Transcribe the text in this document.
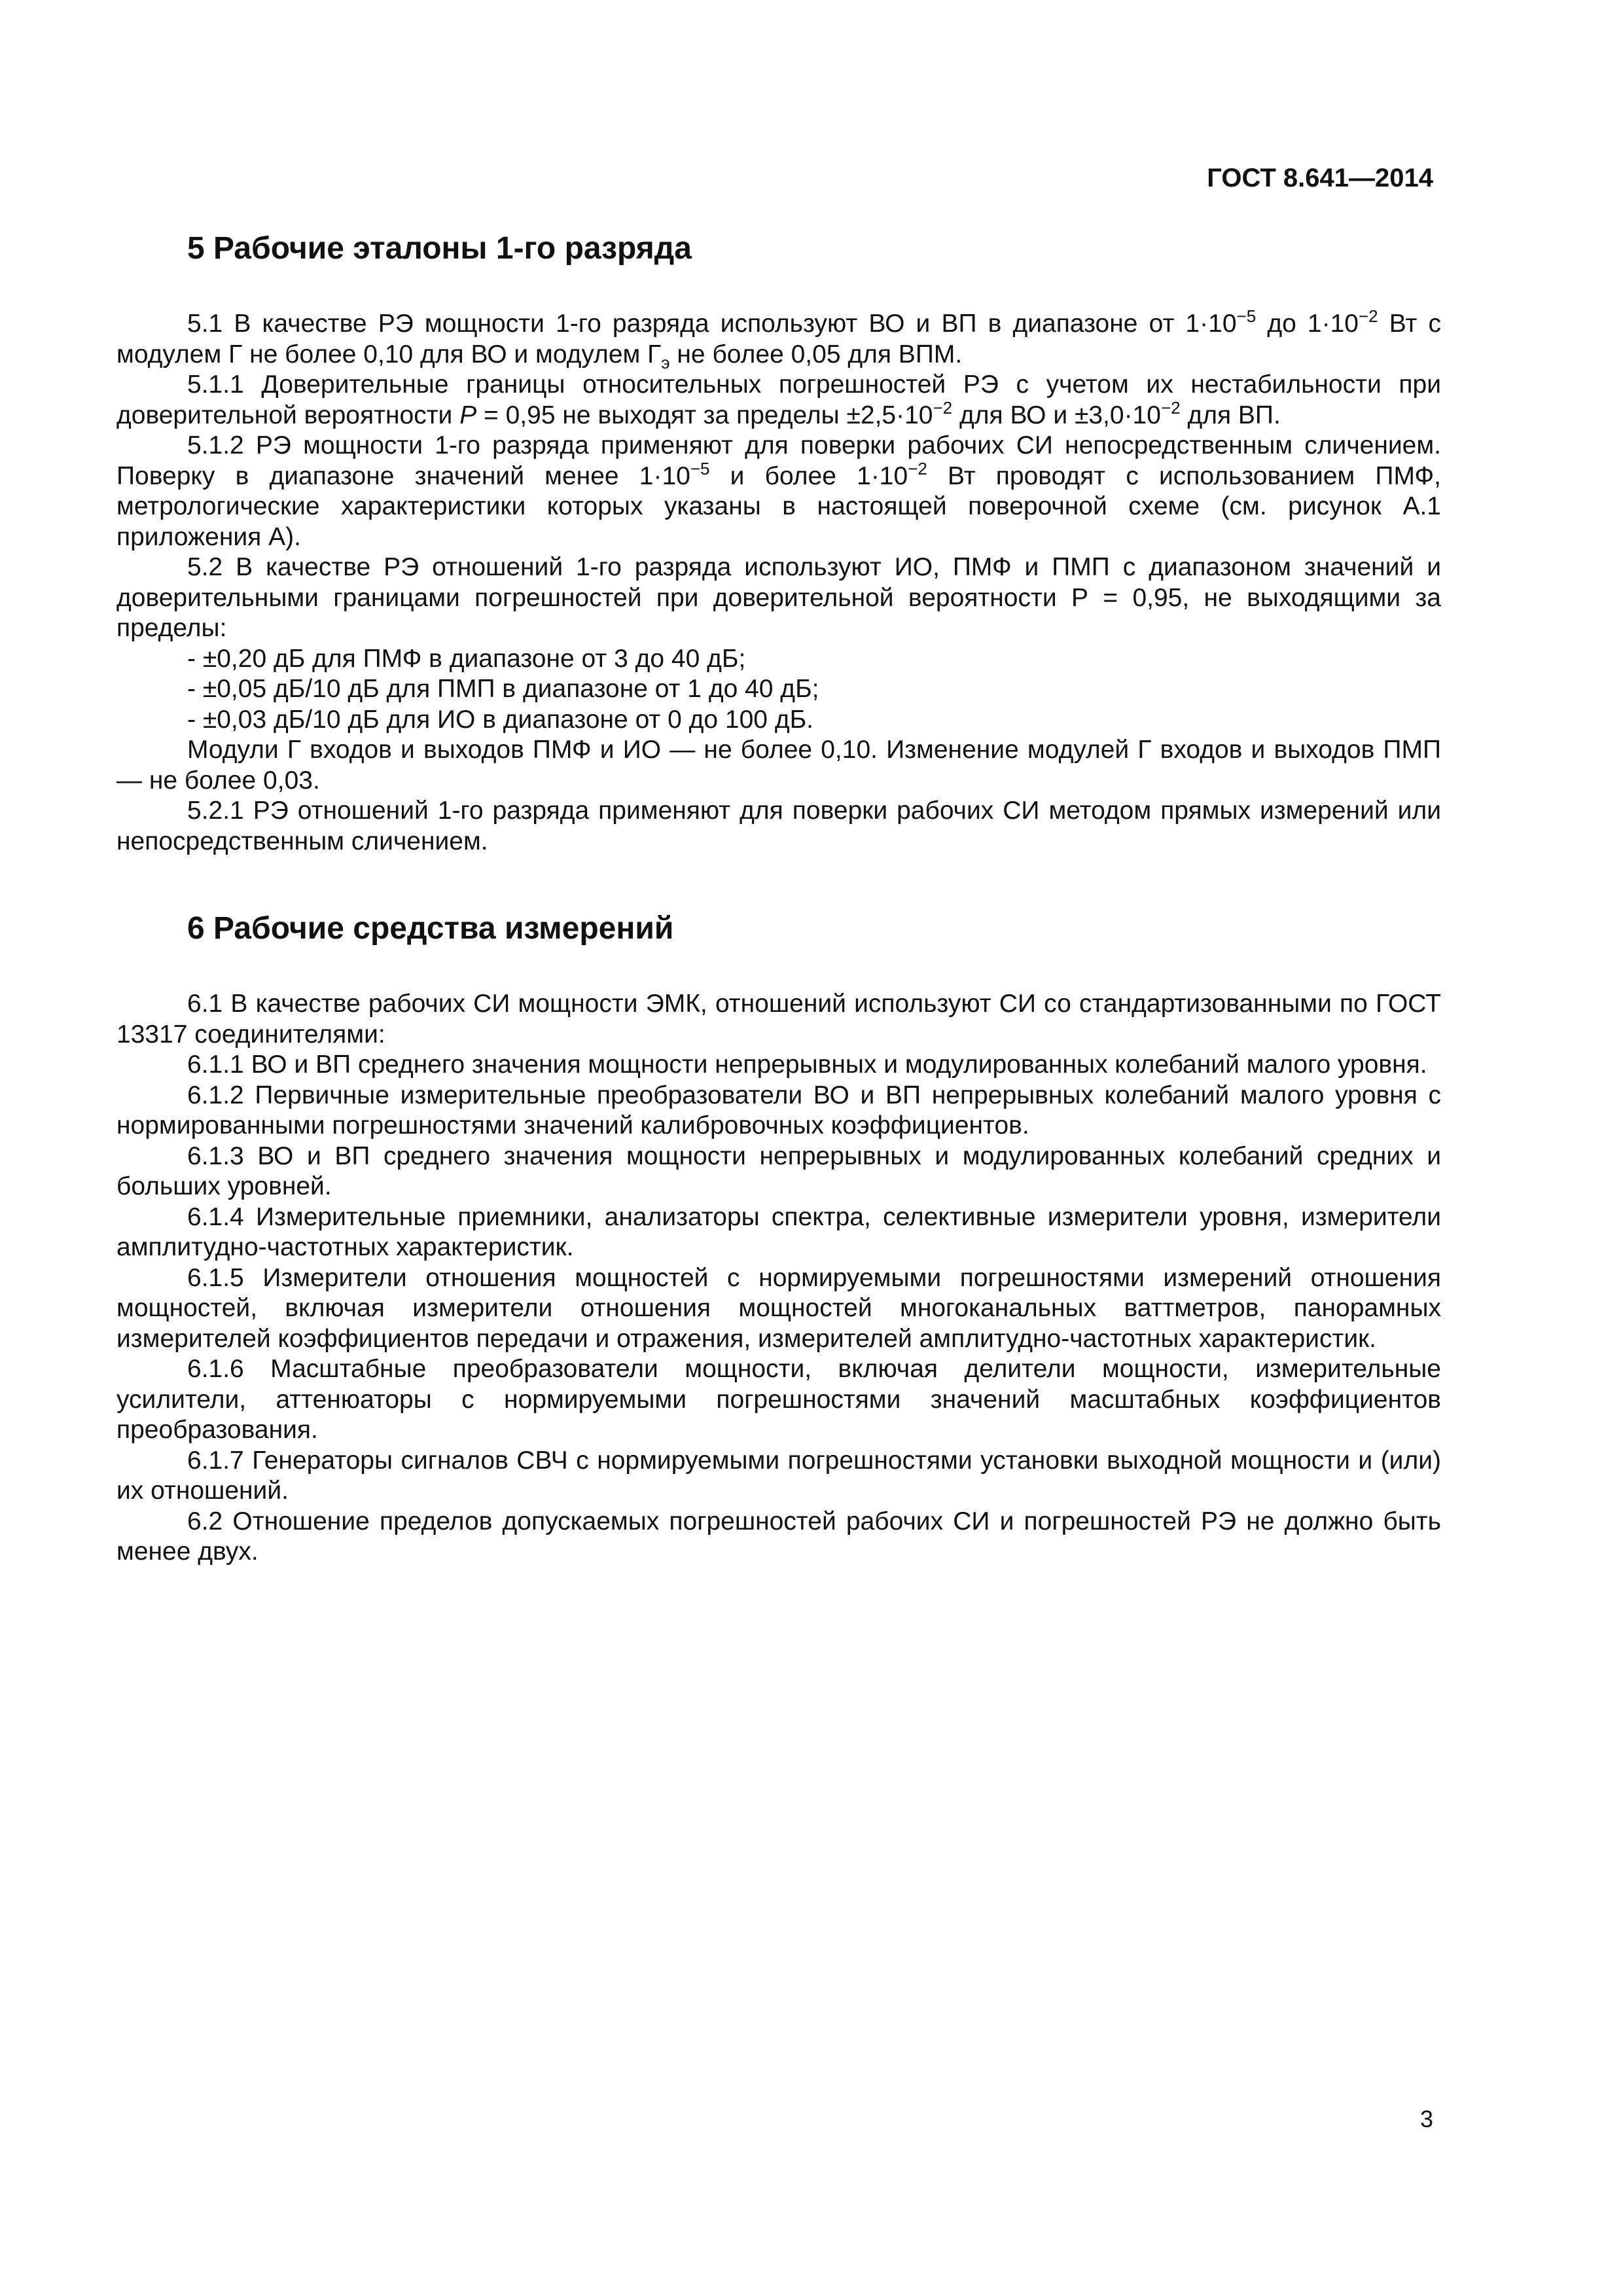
ГОСТ 8.641—2014
5 Рабочие эталоны 1-го разряда

5.1 В качестве РЭ мощности 1-го разряда используют ВО и ВП в диапазоне от $1\cdot 10^{-5}$ до $1\cdot 10^{-2}$ Вт с модулем Г не более 0,10 для ВО и модулем $Г_э$ не более 0,05 для ВПМ.

5.1.1 Доверительные границы относительных погрешностей РЭ с учетом их нестабильности при доверительной вероятности P = 0,95 не выходят за пределы $\pm 2,5\cdot 10^{-2}$ для ВО $и \pm 3,0\cdot 10^{-2}$ для ВП.

5.1.2 РЭ мощности 1-го разряда применяют для поверки рабочих СИ непосредственным сличением. Поверку в диапазоне значений менее $1\cdot 10^{-5}$ и более $1\cdot 10^{-2}$ Вт проводят с использованием ПМФ, метрологические характеристики которых указаны в настоящей поверочной схеме (см. рисунок А.1 приложения А).

5.2 В качестве РЭ отношений 1-го разряда используют ИО, ПМФ и ПМП с диапазоном значений и доверительными границами погрешностей при доверительной вероятности Р = 0,95, не выходящими за пределы:

- ±0,20 дБ для ПМФ в диапазоне от 3 до 40 дБ;

- ±0,05 дБ/10 дБ для ПМП в диапазоне от 1 до 40 дБ;

- ±0,03 дБ/10 дБ для ИО в диапазоне от 0 до 100 дБ.

Модули Г входов и выходов ПМФ и ИО — не более 0,10. Изменение модулей Г входов и выходов ПМП — не более 0,03.

5.2.1 РЭ отношений 1-го разряда применяют для поверки рабочих СИ методом прямых измерений или непосредственным сличением.

6 Рабочие средства измерений

6.1 В качестве рабочих СИ мощности ЭМК, отношений используют СИ со стандартизованными по ГОСТ 13317 соединителями:

6.1.1 ВО и ВП среднего значения мощности непрерывных и модулированных колебаний малого уровня.

6.1.2 Первичные измерительные преобразователи ВО и ВП непрерывных колебаний малого уровня с нормированными погрешностями значений калибровочных коэффициентов.

6.1.3 ВО и ВП среднего значения мощности непрерывных и модулированных колебаний средних и больших уровней.

6.1.4 Измерительные приемники, анализаторы спектра, селективные измерители уровня, измерители амплитудно-частотных характеристик.

6.1.5 Измерители отношения мощностей с нормируемыми погрешностями измерений отношения мощностей, включая измерители отношения мощностей многоканальных ваттметров, панорамных измерителей коэффициентов передачи и отражения, измерителей амплитудно-частотных характеристик.

6.1.6 Масштабные преобразователи мощности, включая делители мощности, измерительные усилители, аттенюаторы с нормируемыми погрешностями значений масштабных коэффициентов преобразования.

6.1.7 Генераторы сигналов СВЧ с нормируемыми погрешностями установки выходной мощности и (или) их отношений.

6.2 Отношение пределов допускаемых погрешностей рабочих СИ и погрешностей РЭ не должно быть менее двух.

3
